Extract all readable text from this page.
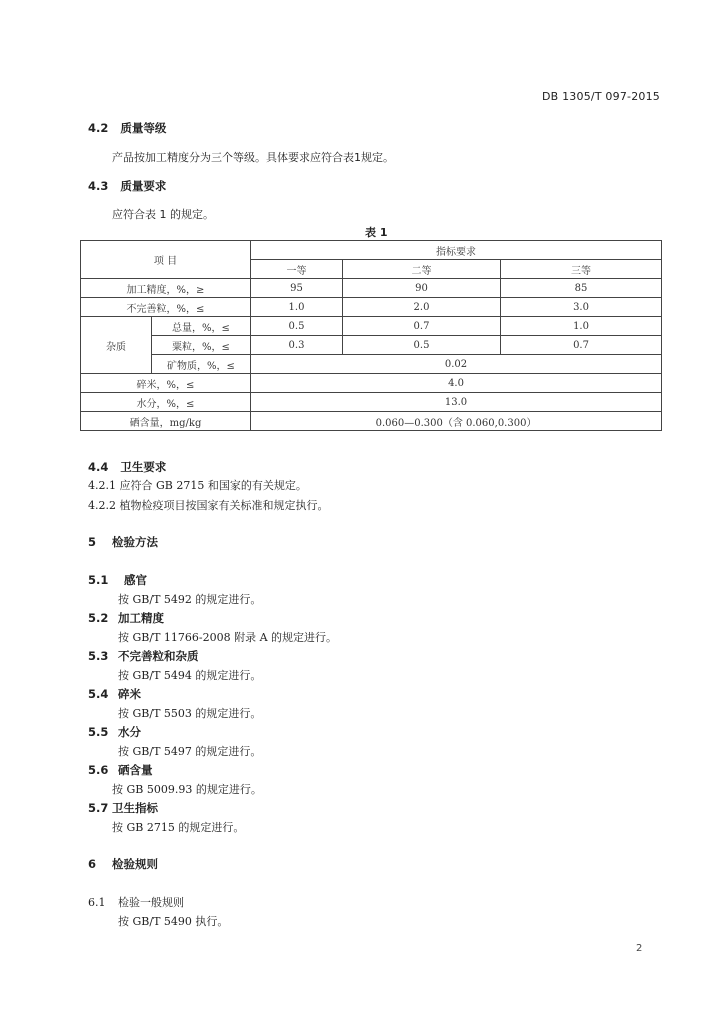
DB 1305/T 097-2015
4.2 质量等级
产品按加工精度分为三个等级。具体要求应符合表1规定。
4.3 质量要求
应符合表 1 的规定。
表 1
项 目		指标要求		
		一等	二等	三等
加工精度，%，≥		95	90	85
不完善粒，%，≤		1.0	2.0	3.0
杂质	总量，%，≤	0.5	0.7	1.0
	粟粒，%，≤	0.3	0.5	0.7
	矿物质，%，≤	0.02		
碎米，%，≤		4.0		
水分，%，≤		13.0		
硒含量，mg/kg		0.060—0.300（含 0.060,0.300）		
4.4 卫生要求
4.2.1 应符合 GB 2715 和国家的有关规定。
4.2.2 植物检疫项目按国家有关标准和规定执行。
5 检验方法
5.1 感官
按 GB/T 5492 的规定进行。
5.2 加工精度
按 GB/T 11766-2008 附录 A 的规定进行。
5.3 不完善粒和杂质
按 GB/T 5494 的规定进行。
5.4 碎米
按 GB/T 5503 的规定进行。
5.5 水分
按 GB/T 5497 的规定进行。
5.6 硒含量
按 GB 5009.93 的规定进行。
5.7 卫生指标
按 GB 2715 的规定进行。
6 检验规则
6.1 检验一般规则
按 GB/T 5490 执行。
2
